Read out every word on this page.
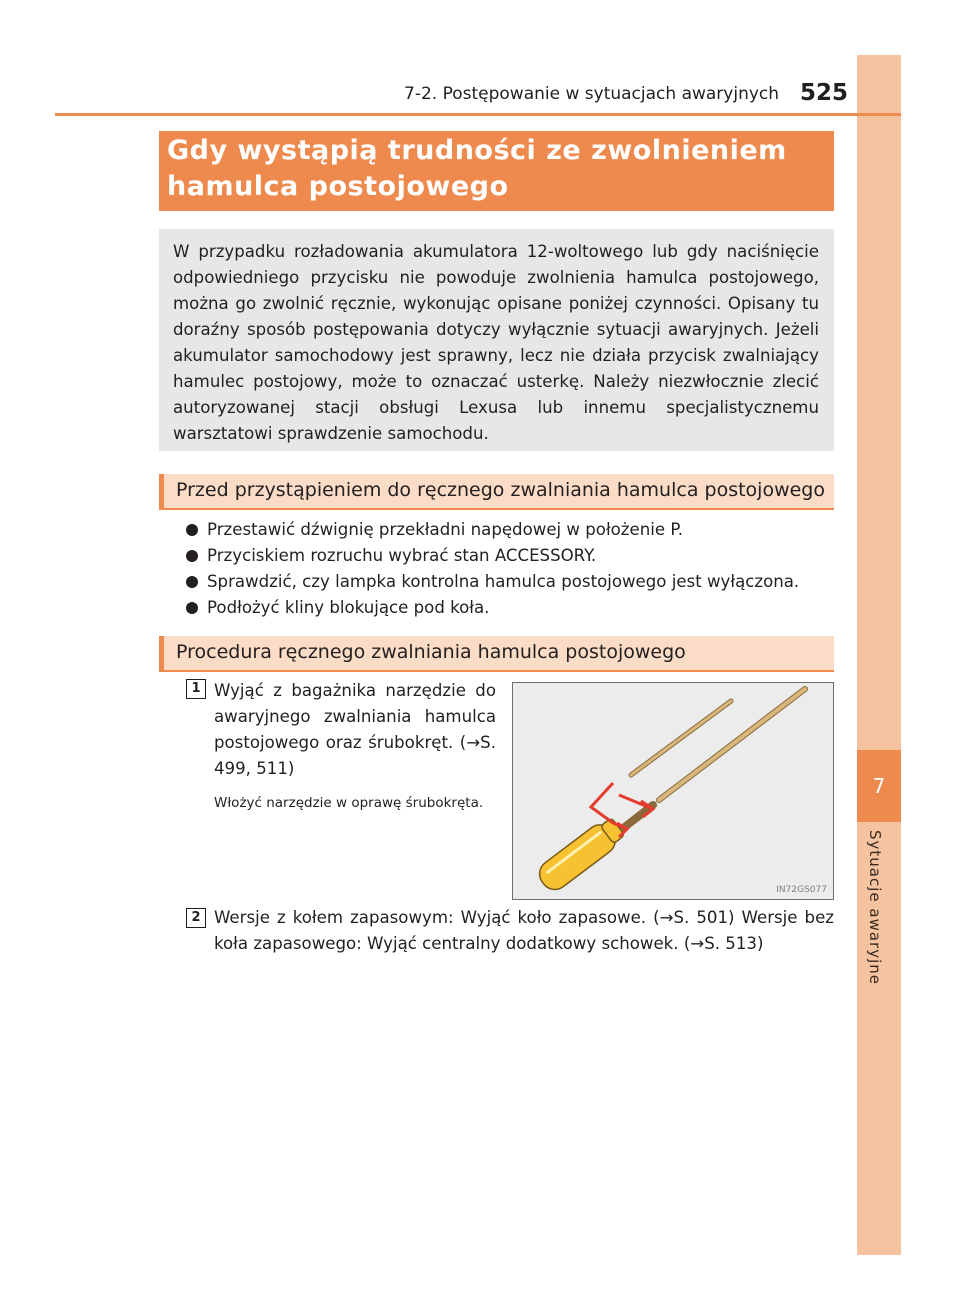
7
Sytuacje awaryjne
7-2. Postępowanie w sytuacjach awaryjnych 525
Gdy wystąpią trudności ze zwolnieniem hamulca postojowego

W przypadku rozładowania akumulatora 12-woltowego lub gdy naciśnięcie odpowiedniego przycisku nie powoduje zwolnienia hamulca postojowego, można go zwolnić ręcznie, wykonując opisane poniżej czynności. Opisany tu doraźny sposób postępowania dotyczy wyłącznie sytuacji awaryjnych. Jeżeli akumulator samochodowy jest sprawny, lecz nie działa przycisk zwalniający hamulec postojowy, może to oznaczać usterkę. Należy niezwłocznie zlecić autoryzowanej stacji obsługi Lexusa lub innemu specjalistycznemu warsztatowi sprawdzenie samochodu.

Przed przystąpieniem do ręcznego zwalniania hamulca postojowego
Przestawić dźwignię przekładni napędowej w położenie P.
Przyciskiem rozruchu wybrać stan ACCESSORY.
Sprawdzić, czy lampka kontrolna hamulca postojowego jest wyłączona.
Podłożyć kliny blokujące pod koła.
Procedura ręcznego zwalniania hamulca postojowego
1 Wyjąć z bagażnika narzędzie do awaryjnego zwalniania hamulca postojowego oraz śrubokręt. (→S. 499, 511)

Włożyć narzędzie w oprawę śrubokręta.

IN72GS077
2 Wersje z kołem zapasowym: Wyjąć koło zapasowe. (→S. 501) Wersje bez koła zapasowego: Wyjąć centralny dodatkowy schowek. (→S. 513)
